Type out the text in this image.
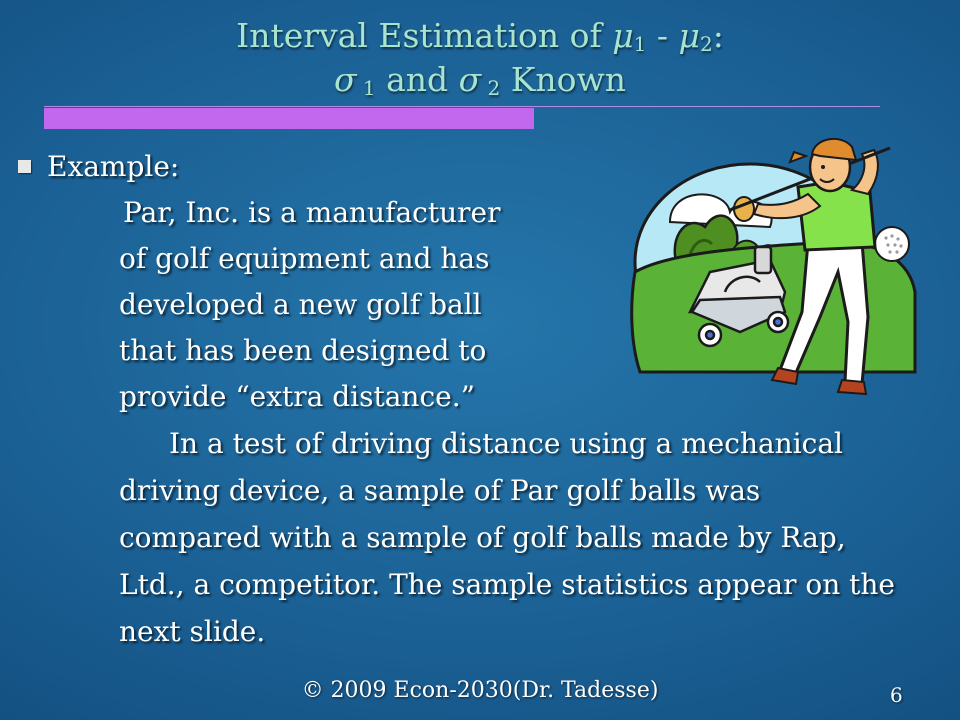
Interval Estimation of $\mu_1 - \mu_2$:
σ $_1$ and σ $_2$ Known
Example:
Par, Inc. is a manufacturer
of golf equipment and has
developed a new golf ball
that has been designed to
provide “extra distance.”
In a test of driving distance using a mechanical
driving device, a sample of Par golf balls was
compared with a sample of golf balls made by Rap,
Ltd., a competitor. The sample statistics appear on the
next slide.
© 2009 Econ-2030(Dr. Tadesse)	6
